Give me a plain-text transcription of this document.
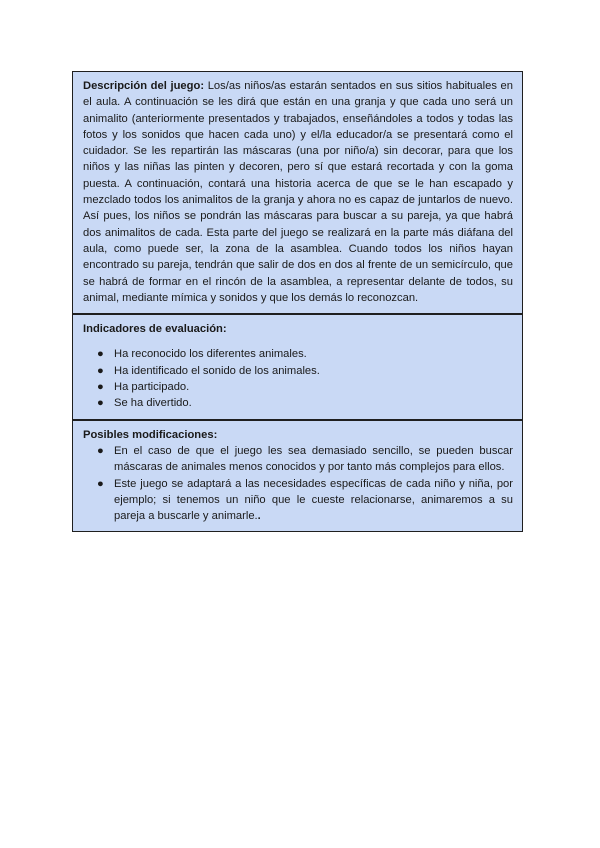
Descripción del juego: Los/as niños/as estarán sentados en sus sitios habituales en el aula. A continuación se les dirá que están en una granja y que cada uno será un animalito (anteriormente presentados y trabajados, enseñándoles a todos y todas las fotos y los sonidos que hacen cada uno) y el/la educador/a se presentará como el cuidador. Se les repartirán las máscaras (una por niño/a) sin decorar, para que los niños y las niñas las pinten y decoren, pero sí que estará recortada y con la goma puesta. A continuación, contará una historia acerca de que se le han escapado y mezclado todos los animalitos de la granja y ahora no es capaz de juntarlos de nuevo. Así pues, los niños se pondrán las máscaras para buscar a su pareja, ya que habrá dos animalitos de cada. Esta parte del juego se realizará en la parte más diáfana del aula, como puede ser, la zona de la asamblea. Cuando todos los niños hayan encontrado su pareja, tendrán que salir de dos en dos al frente de un semicírculo, que se habrá de formar en el rincón de la asamblea, a representar delante de todos, su animal, mediante mímica y sonidos y que los demás lo reconozcan.
Indicadores de evaluación:
● Ha reconocido los diferentes animales.
● Ha identificado el sonido de los animales.
● Ha participado.
● Se ha divertido.
Posibles modificaciones:
● En el caso de que el juego les sea demasiado sencillo, se pueden buscar máscaras de animales menos conocidos y por tanto más complejos para ellos.
● Este juego se adaptará a las necesidades específicas de cada niño y niña, por ejemplo; si tenemos un niño que le cueste relacionarse, animaremos a su pareja a buscarle y animarle..
